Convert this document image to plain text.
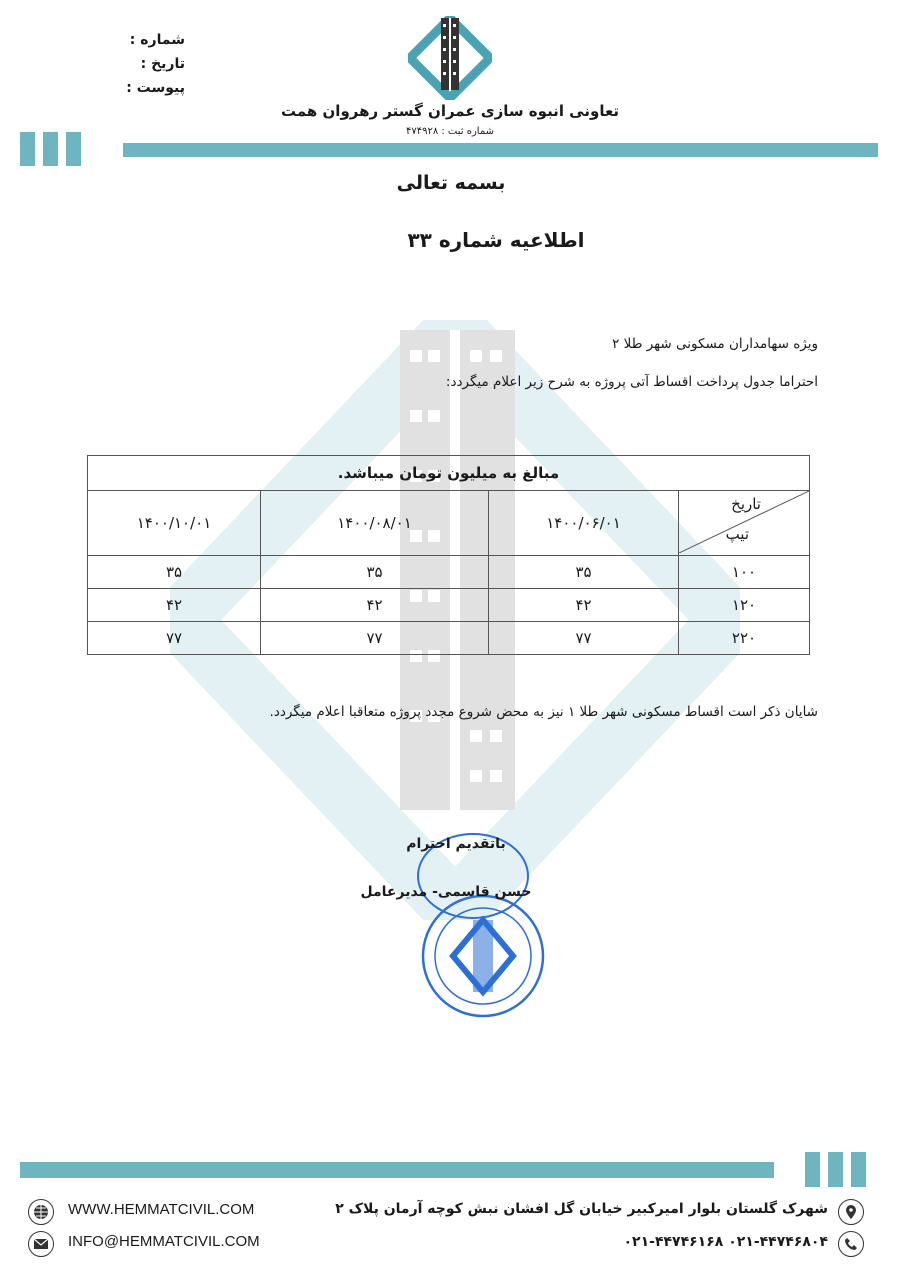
شماره :
تاریخ :
پیوست :
تعاونی انبوه سازی عمران گستر رهروان همت
شماره ثبت : ۴۷۴۹۲۸
بسمه تعالی
اطلاعیه شماره ۳۳
ویژه سهامداران مسکونی شهر طلا ۲
احتراما جدول پرداخت اقساط آتی پروژه به شرح زیر اعلام میگردد:
مبالغ به میلیون تومان میباشد.			

تاریخ
تیپ	۱۴۰۰/۰۶/۰۱	۱۴۰۰/۰۸/۰۱	۱۴۰۰/۱۰/۰۱
۱۰۰	۳۵	۳۵	۳۵
۱۲۰	۴۲	۴۲	۴۲
۲۲۰	۷۷	۷۷	۷۷
شایان ذکر است اقساط مسکونی شهر طلا ۱ نیز به محض شروع مجدد پروژه متعاقبا اعلام میگردد.
باتقدیم احترام
حسن قاسمی- مدیرعامل
WWW.HEMMATCIVIL.COM
INFO@HEMMATCIVIL.COM
شهرک گلستان بلوار امیرکبیر خیابان گل افشان نبش کوچه آرمان پلاک ۲
۰۲۱-۴۴۷۴۶۸۰۴ ۰۲۱-۴۴۷۴۶۱۶۸
